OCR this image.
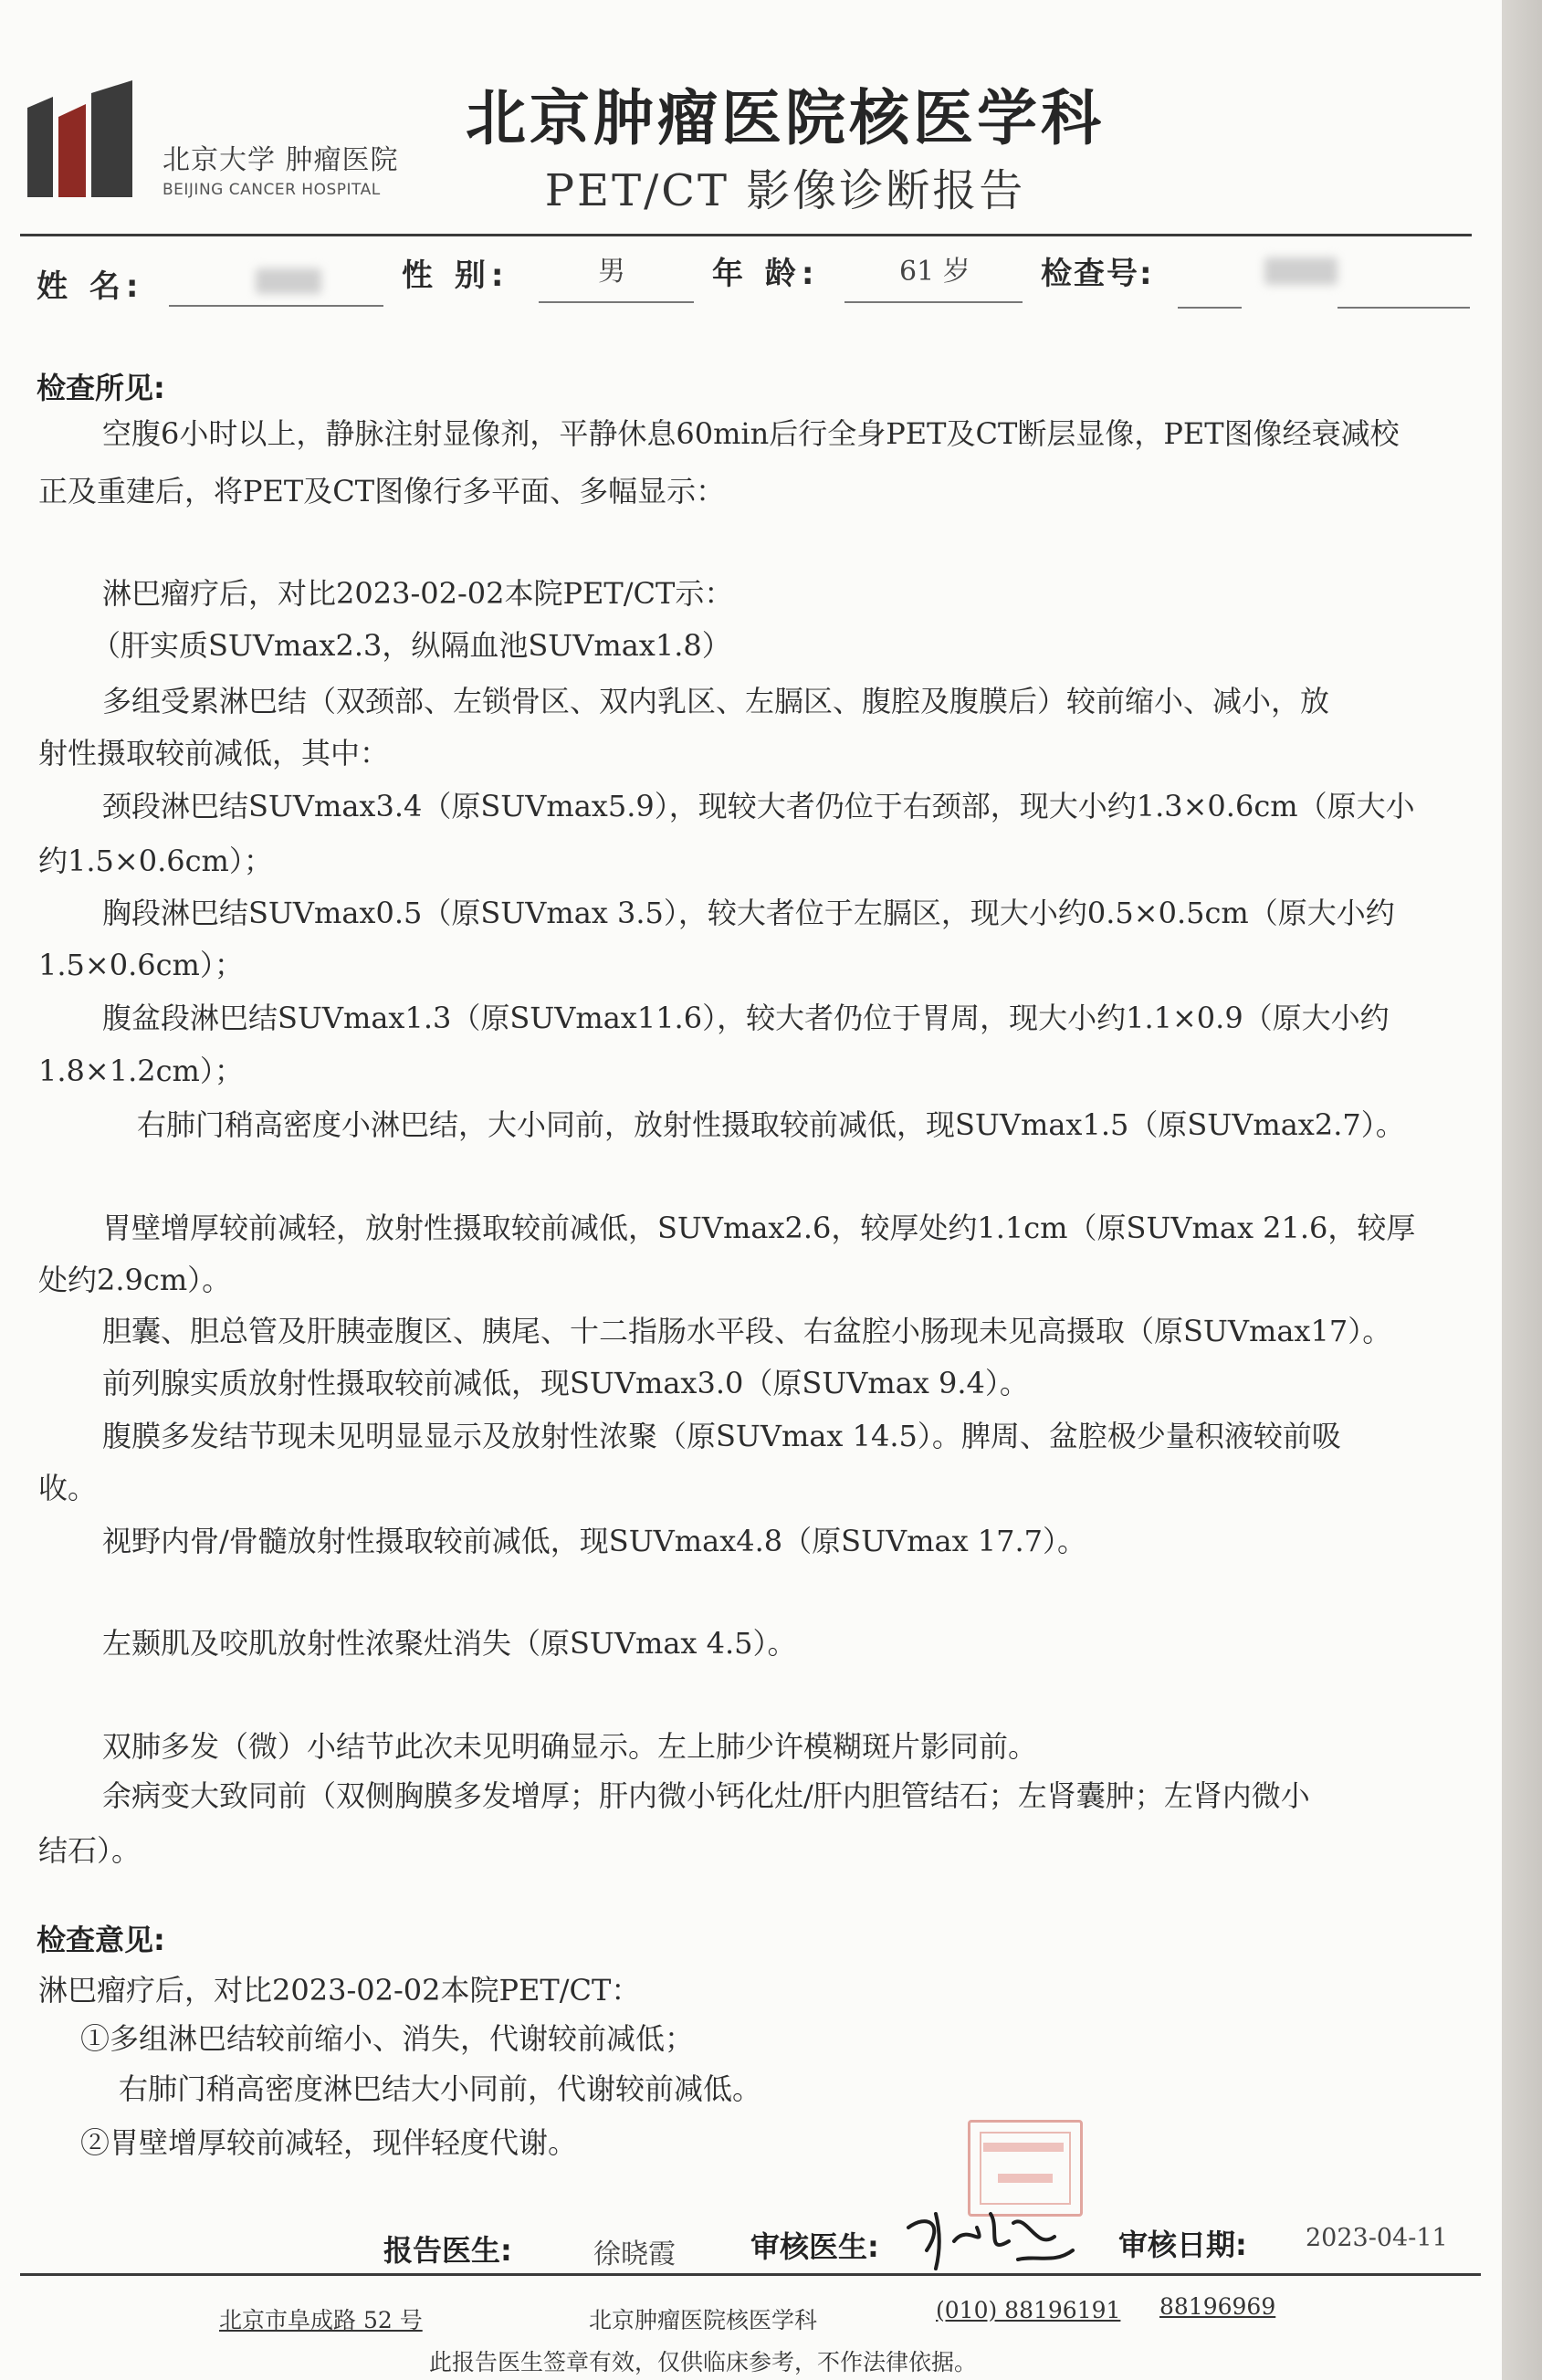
北京大学 肿瘤医院
BEIJING CANCER HOSPITAL
北京肿瘤医院核医学科
PET/CT 影像诊断报告
姓 名:	性 别:	男	年 龄:	61 岁 检查号:
检查所见:
空腹6小时以上，静脉注射显像剂，平静休息60min后行全身PET及CT断层显像，PET图像经衰减校
正及重建后，将PET及CT图像行多平面、多幅显示：
淋巴瘤疗后，对比2023-02-02本院PET/CT示：
（肝实质SUVmax2.3，纵隔血池SUVmax1.8）
多组受累淋巴结（双颈部、左锁骨区、双内乳区、左膈区、腹腔及腹膜后）较前缩小、减小，放
射性摄取较前减低，其中：
颈段淋巴结SUVmax3.4（原SUVmax5.9），现较大者仍位于右颈部，现大小约1.3×0.6cm（原大小
约1.5×0.6cm）；
胸段淋巴结SUVmax0.5（原SUVmax 3.5），较大者位于左膈区，现大小约0.5×0.5cm（原大小约
1.5×0.6cm）；
腹盆段淋巴结SUVmax1.3（原SUVmax11.6），较大者仍位于胃周，现大小约1.1×0.9（原大小约
1.8×1.2cm）；
右肺门稍高密度小淋巴结，大小同前，放射性摄取较前减低，现SUVmax1.5（原SUVmax2.7）。
胃壁增厚较前减轻，放射性摄取较前减低，SUVmax2.6，较厚处约1.1cm（原SUVmax 21.6，较厚
处约2.9cm）。
胆囊、胆总管及肝胰壶腹区、胰尾、十二指肠水平段、右盆腔小肠现未见高摄取（原SUVmax17）。
前列腺实质放射性摄取较前减低，现SUVmax3.0（原SUVmax 9.4）。
腹膜多发结节现未见明显显示及放射性浓聚（原SUVmax 14.5）。脾周、盆腔极少量积液较前吸
收。
视野内骨/骨髓放射性摄取较前减低，现SUVmax4.8（原SUVmax 17.7）。
左颞肌及咬肌放射性浓聚灶消失（原SUVmax 4.5）。
双肺多发（微）小结节此次未见明确显示。左上肺少许模糊斑片影同前。
余病变大致同前（双侧胸膜多发增厚；肝内微小钙化灶/肝内胆管结石；左肾囊肿；左肾内微小
结石）。
检查意见:
淋巴瘤疗后，对比2023-02-02本院PET/CT：
①多组淋巴结较前缩小、消失，代谢较前减低；
右肺门稍高密度淋巴结大小同前，代谢较前减低。
②胃壁增厚较前减轻，现伴轻度代谢。
报告医生:	徐晓霞	审核医生:	审核日期: 2023-04-11
北京市阜成路 52 号	北京肿瘤医院核医学科	(010) 88196191 88196969
此报告医生签章有效，仅供临床参考，不作法律依据。
